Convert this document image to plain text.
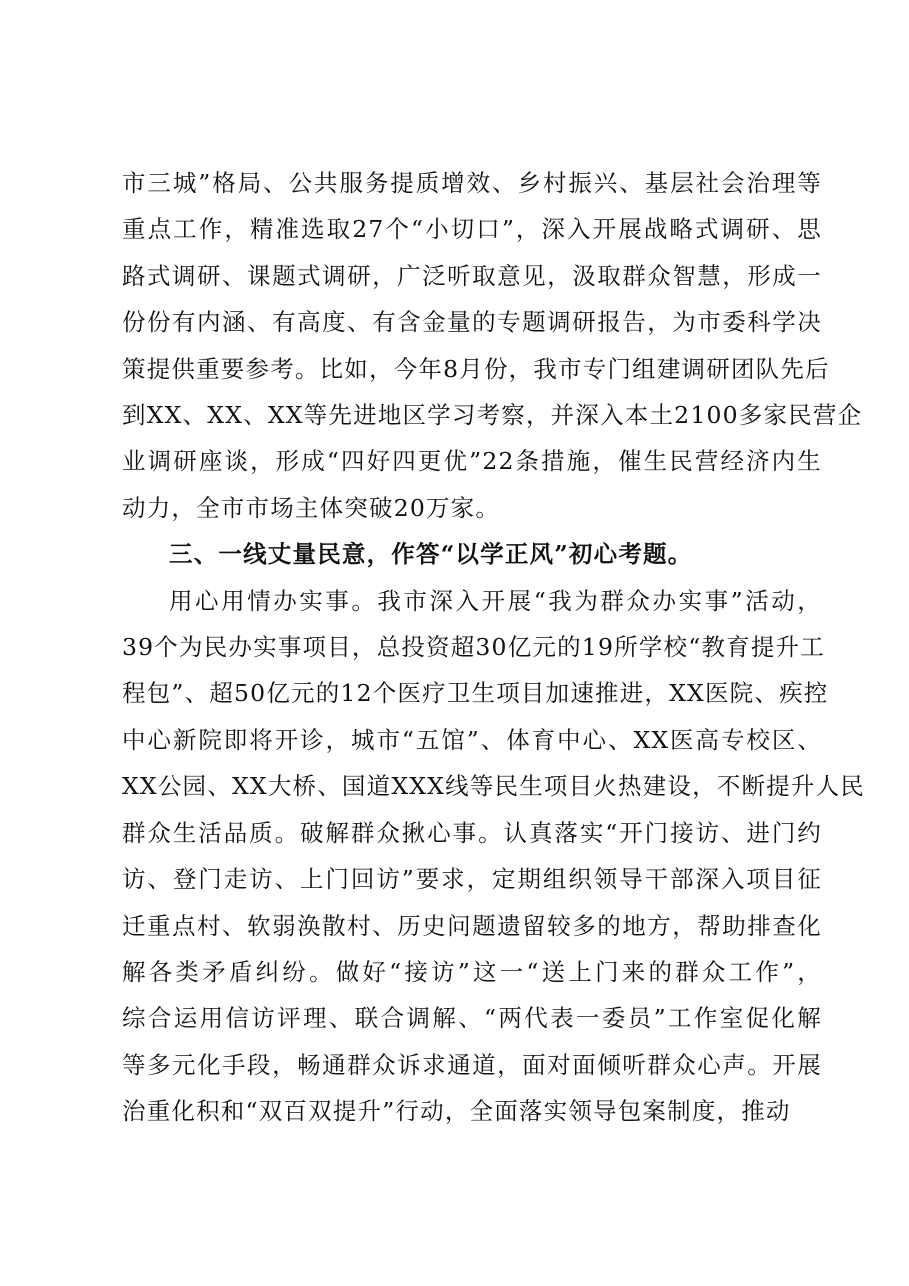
市三城”格局、公共服务提质增效、乡村振兴、基层社会治理等
重点工作，精准选取27个“小切口”，深入开展战略式调研、思
路式调研、课题式调研，广泛听取意见，汲取群众智慧，形成一
份份有内涵、有高度、有含金量的专题调研报告，为市委科学决
策提供重要参考。比如，今年8月份，我市专门组建调研团队先后
到XX、XX、XX等先进地区学习考察，并深入本土2100多家民营企
业调研座谈，形成“四好四更优”22条措施，催生民营经济内生
动力，全市市场主体突破20万家。

三、一线丈量民意，作答“以学正风”初心考题。

用心用情办实事。我市深入开展“我为群众办实事”活动，
39个为民办实事项目，总投资超30亿元的19所学校“教育提升工
程包”、超50亿元的12个医疗卫生项目加速推进，XX医院、疾控
中心新院即将开诊，城市“五馆”、体育中心、XX医高专校区、
XX公园、XX大桥、国道XXX线等民生项目火热建设，不断提升人民
群众生活品质。破解群众揪心事。认真落实“开门接访、进门约
访、登门走访、上门回访”要求，定期组织领导干部深入项目征
迁重点村、软弱涣散村、历史问题遗留较多的地方，帮助排查化
解各类矛盾纠纷。做好“接访”这一“送上门来的群众工作”，
综合运用信访评理、联合调解、“两代表一委员”工作室促化解
等多元化手段，畅通群众诉求通道，面对面倾听群众心声。开展
治重化积和“双百双提升”行动，全面落实领导包案制度，推动
